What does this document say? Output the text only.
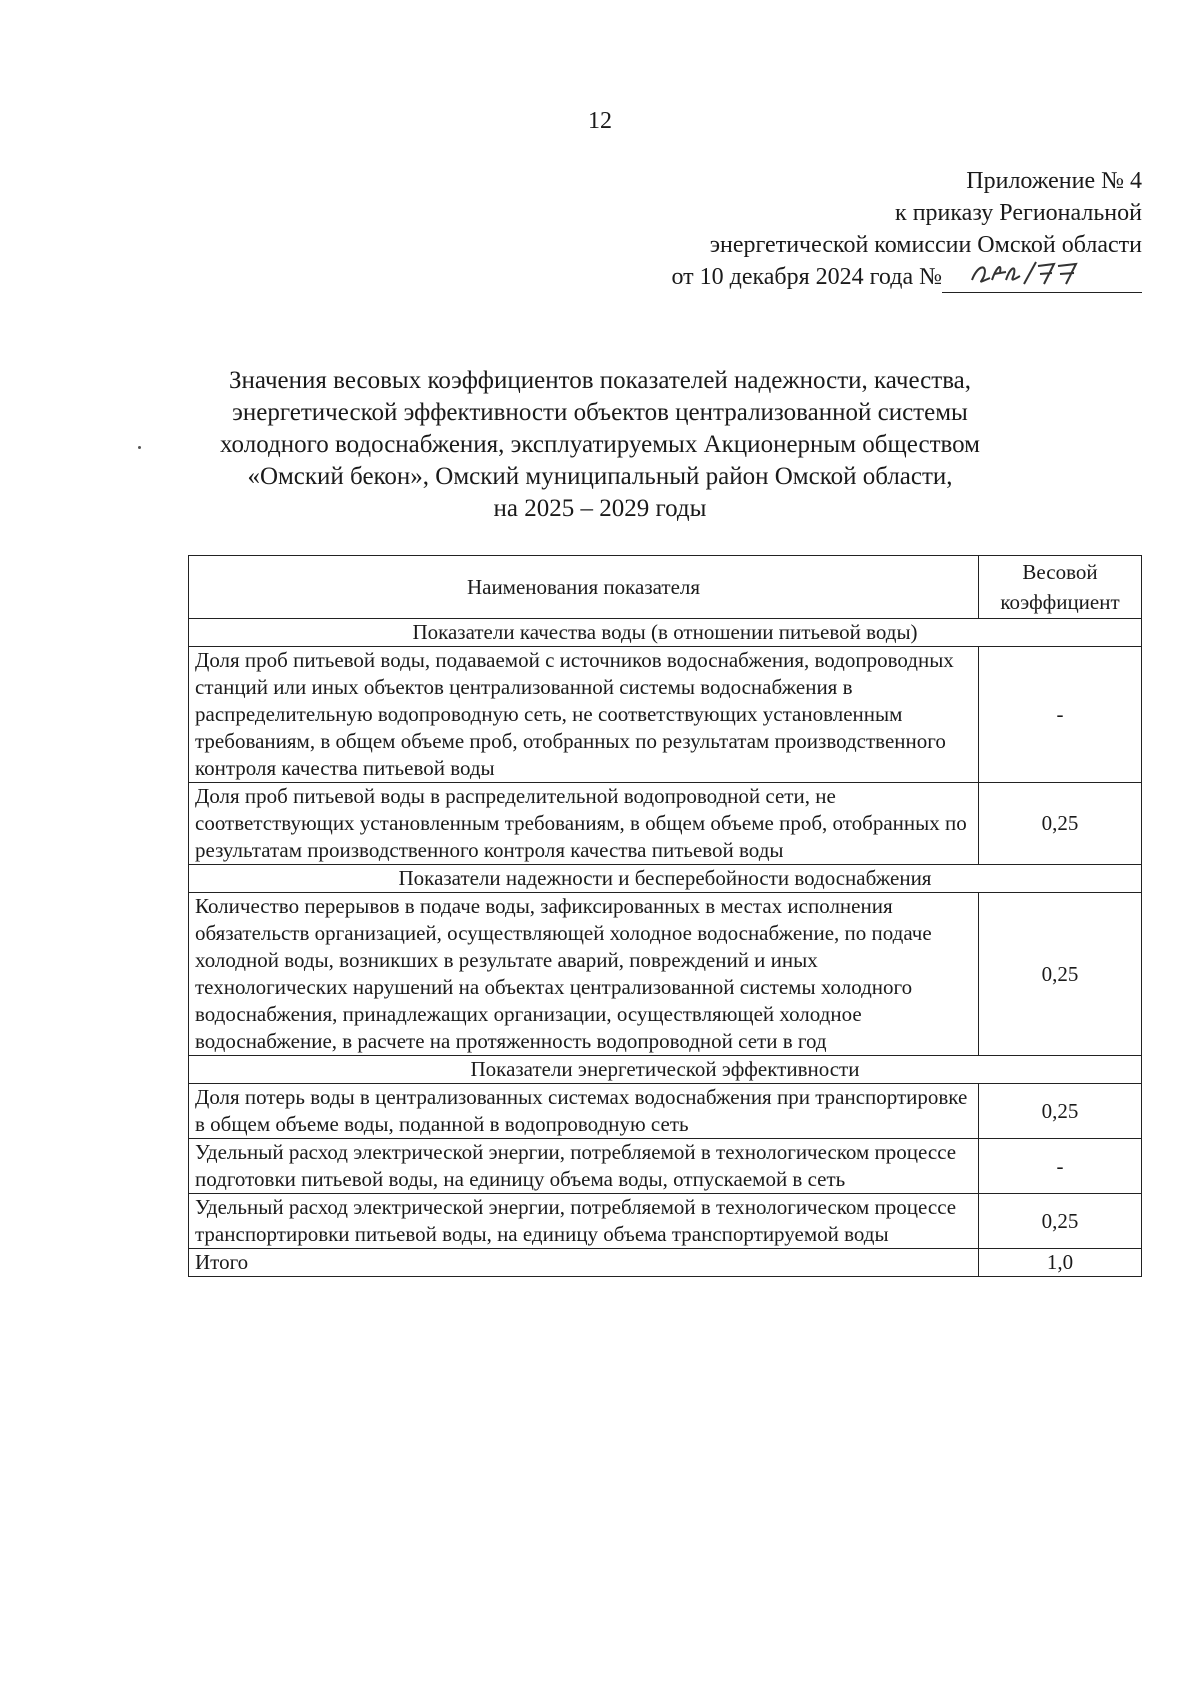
12
Приложение № 4
к приказу Региональной
энергетической комиссии Омской области
от 10 декабря 2024 года №
Значения весовых коэффициентов показателей надежности, качества,
энергетической эффективности объектов централизованной системы
холодного водоснабжения, эксплуатируемых Акционерным обществом
«Омский бекон», Омский муниципальный район Омской области,
на 2025 – 2029 годы
Наименования показателя	Весовой коэффициент
Показатели качества воды (в отношении питьевой воды)	
Доля проб питьевой воды, подаваемой с источников водоснабжения, водопроводных станций или иных объектов централизованной системы водоснабжения в распределительную водопроводную сеть, не соответствующих установленным требованиям, в общем объеме проб, отобранных по результатам производственного контроля качества питьевой воды	-
Доля проб питьевой воды в распределительной водопроводной сети, не соответствующих установленным требованиям, в общем объеме проб, отобранных по результатам производственного контроля качества питьевой воды	0,25
Показатели надежности и бесперебойности водоснабжения	
Количество перерывов в подаче воды, зафиксированных в местах исполнения обязательств организацией, осуществляющей холодное водоснабжение, по подаче холодной воды, возникших в результате аварий, повреждений и иных технологических нарушений на объектах централизованной системы холодного водоснабжения, принадлежащих организации, осуществляющей холодное водоснабжение, в расчете на протяженность водопроводной сети в год	0,25
Показатели энергетической эффективности	
Доля потерь воды в централизованных системах водоснабжения при транспортировке в общем объеме воды, поданной в водопроводную сеть	0,25
Удельный расход электрической энергии, потребляемой в технологическом процессе подготовки питьевой воды, на единицу объема воды, отпускаемой в сеть	-
Удельный расход электрической энергии, потребляемой в технологическом процессе транспортировки питьевой воды, на единицу объема транспортируемой воды	0,25
Итого	1,0
